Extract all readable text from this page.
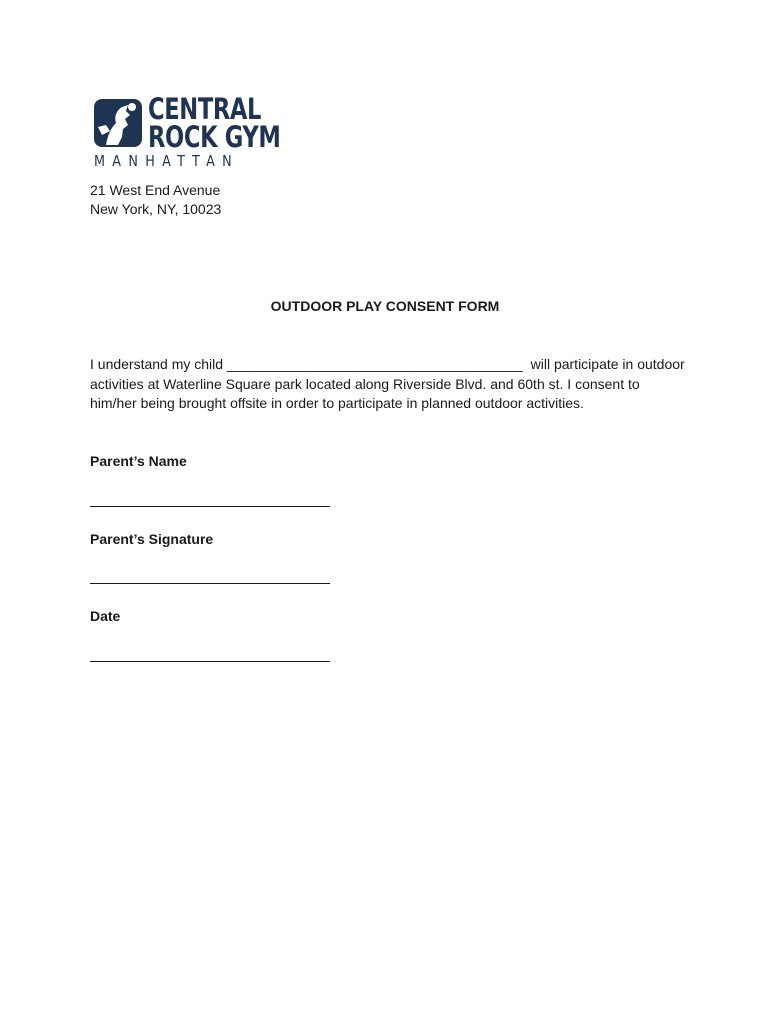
CENTRAL
ROCK GYM
MANHATTAN
21 West End Avenue
New York, NY, 10023
OUTDOOR PLAY CONSENT FORM
I understand my child ______________________________________  will participate in outdoor
activities at Waterline Square park located along Riverside Blvd. and 60th st. I consent to
him/her being brought offsite in order to participate in planned outdoor activities.
Parent’s Name
Parent’s Signature
Date
